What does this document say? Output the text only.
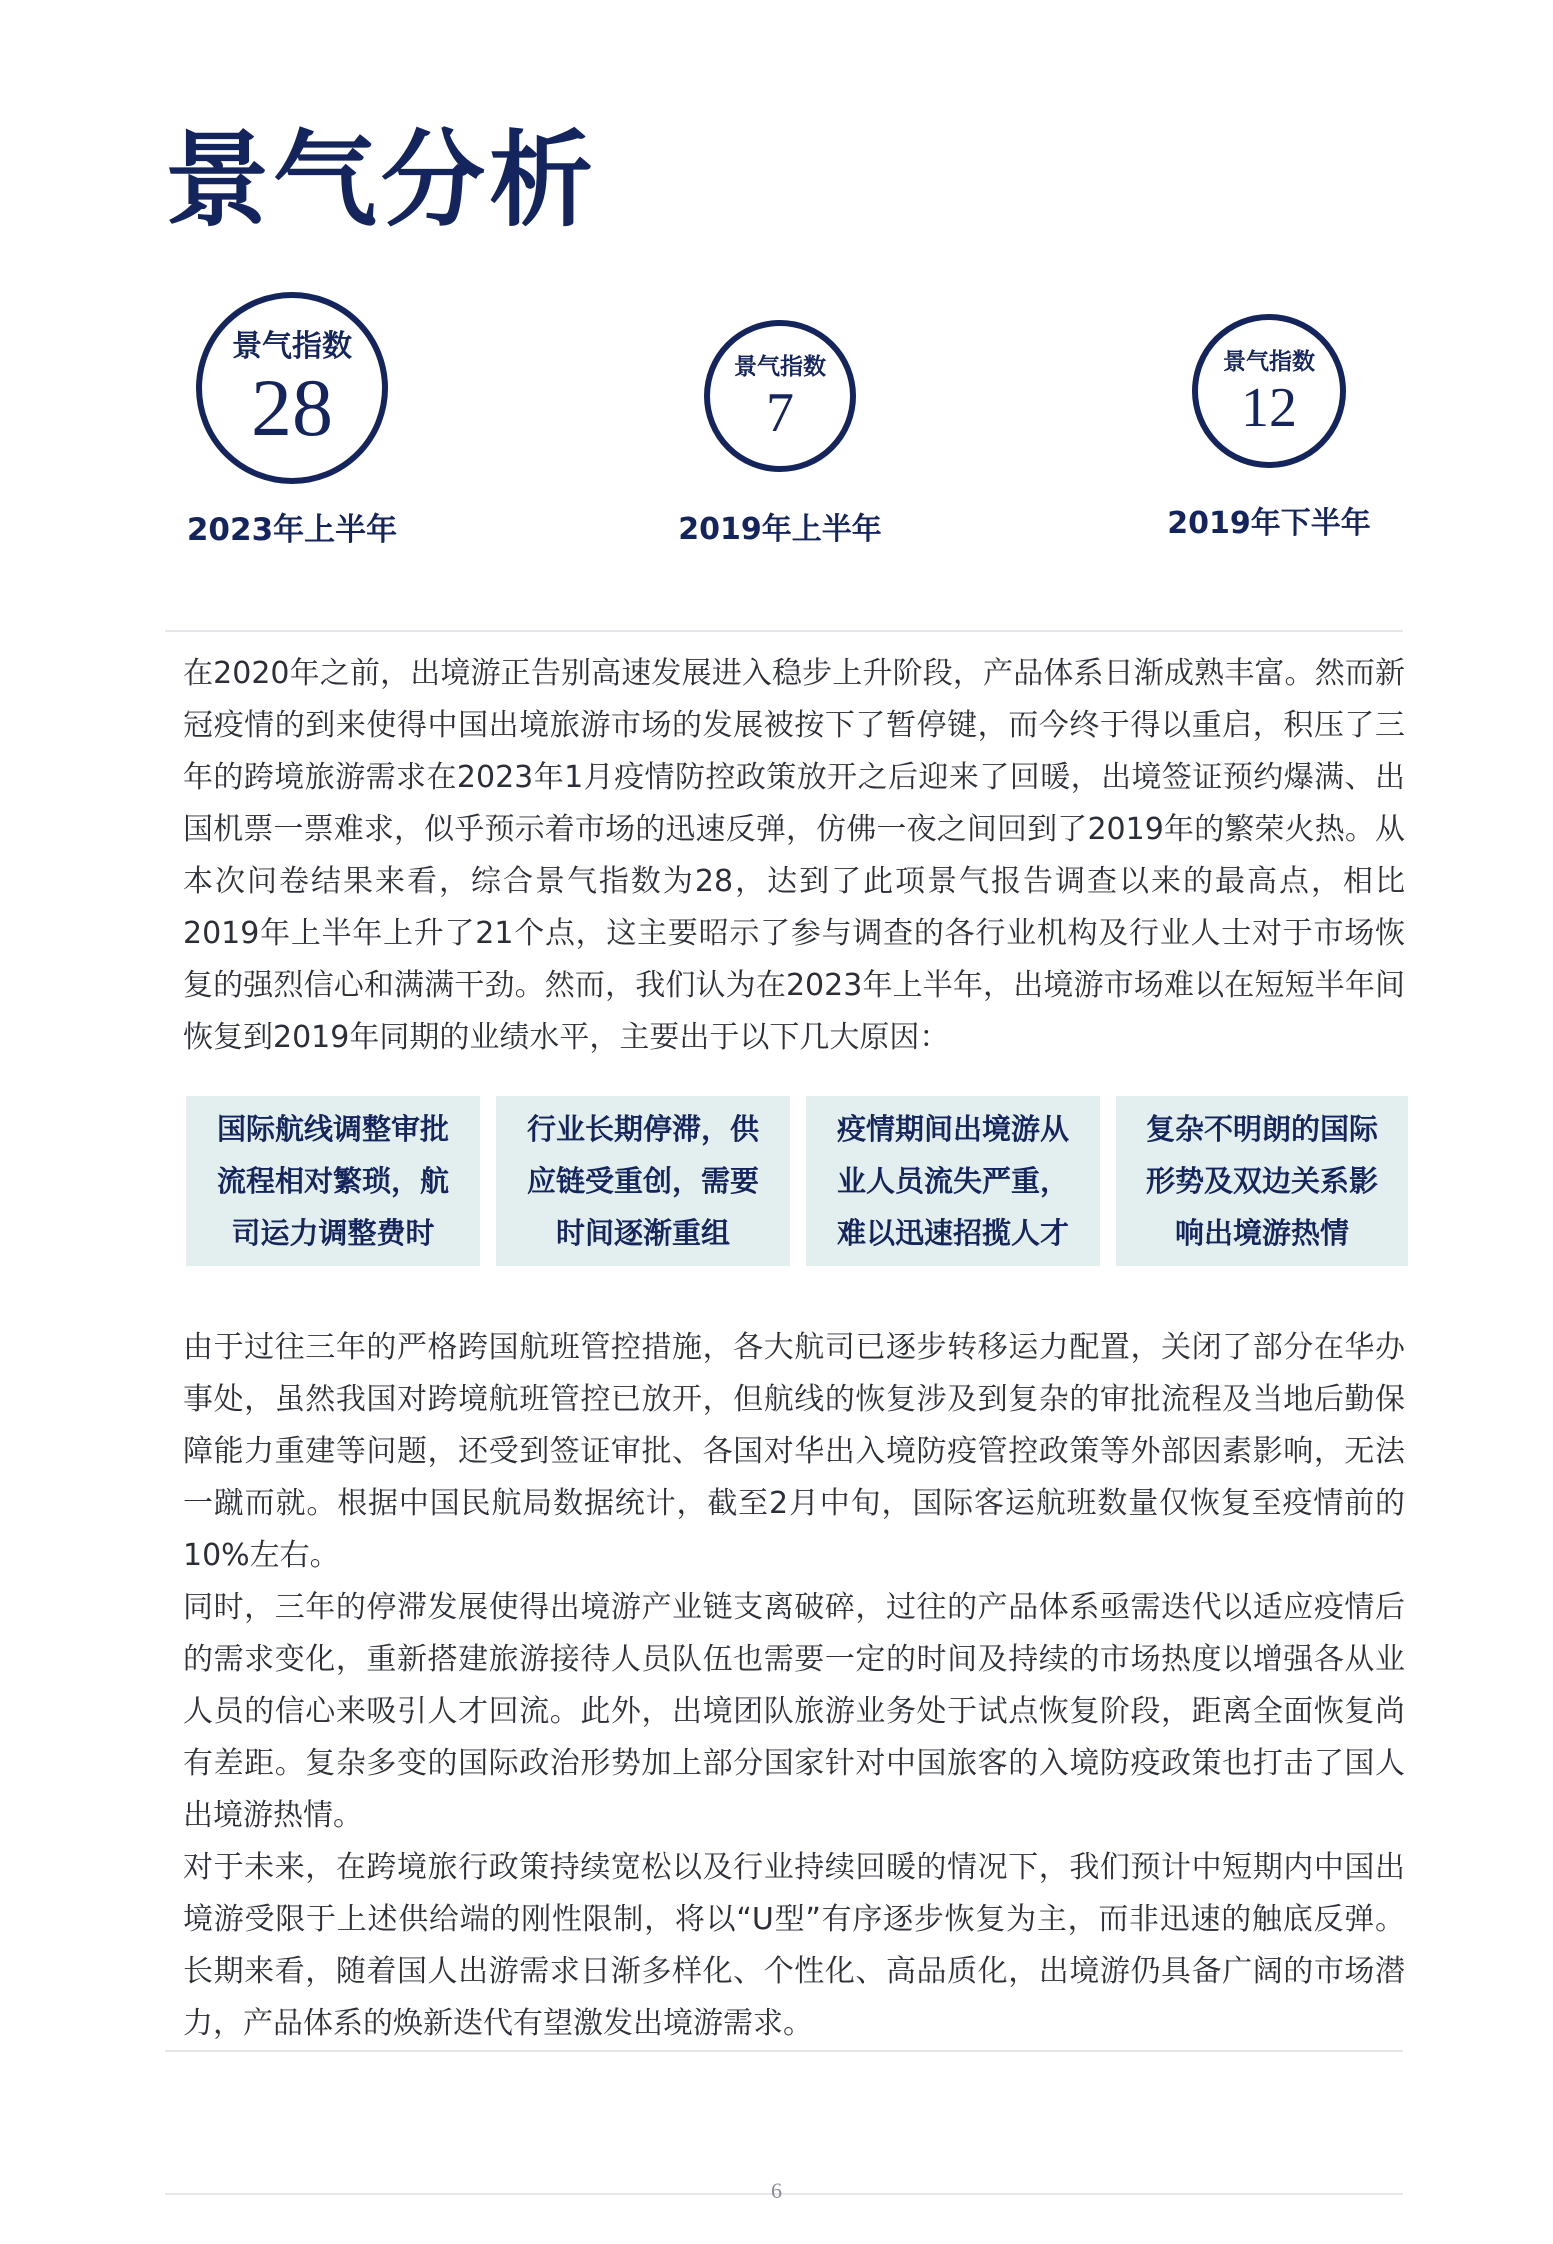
景气分析
景气指数
28
2023年上半年
景气指数
7
2019年上半年
景气指数
12
2019年下半年

在2020年之前，出境游正告别高速发展进入稳步上升阶段，产品体系日渐成熟丰富。然而新冠疫情的到来使得中国出境旅游市场的发展被按下了暂停键，而今终于得以重启，积压了三年的跨境旅游需求在2023年1月疫情防控政策放开之后迎来了回暖，出境签证预约爆满、出国机票一票难求，似乎预示着市场的迅速反弹，仿佛一夜之间回到了2019年的繁荣火热。从本次问卷结果来看，综合景气指数为28，达到了此项景气报告调查以来的最高点，相比2019年上半年上升了21个点，这主要昭示了参与调查的各行业机构及行业人士对于市场恢复的强烈信心和满满干劲。然而，我们认为在2023年上半年，出境游市场难以在短短半年间恢复到2019年同期的业绩水平，主要出于以下几大原因：

国际航线调整审批流程相对繁琐，航司运力调整费时
行业长期停滞，供应链受重创，需要时间逐渐重组
疫情期间出境游从业人员流失严重，难以迅速招揽人才
复杂不明朗的国际形势及双边关系影响出境游热情

由于过往三年的严格跨国航班管控措施，各大航司已逐步转移运力配置，关闭了部分在华办事处，虽然我国对跨境航班管控已放开，但航线的恢复涉及到复杂的审批流程及当地后勤保障能力重建等问题，还受到签证审批、各国对华出入境防疫管控政策等外部因素影响，无法一蹴而就。根据中国民航局数据统计，截至2月中旬，国际客运航班数量仅恢复至疫情前的10%左右。

同时，三年的停滞发展使得出境游产业链支离破碎，过往的产品体系亟需迭代以适应疫情后的需求变化，重新搭建旅游接待人员队伍也需要一定的时间及持续的市场热度以增强各从业人员的信心来吸引人才回流。此外，出境团队旅游业务处于试点恢复阶段，距离全面恢复尚有差距。复杂多变的国际政治形势加上部分国家针对中国旅客的入境防疫政策也打击了国人出境游热情。

对于未来，在跨境旅行政策持续宽松以及行业持续回暖的情况下，我们预计中短期内中国出境游受限于上述供给端的刚性限制，将以“U型”有序逐步恢复为主，而非迅速的触底反弹。长期来看，随着国人出游需求日渐多样化、个性化、高品质化，出境游仍具备广阔的市场潜力，产品体系的焕新迭代有望激发出境游需求。

6
